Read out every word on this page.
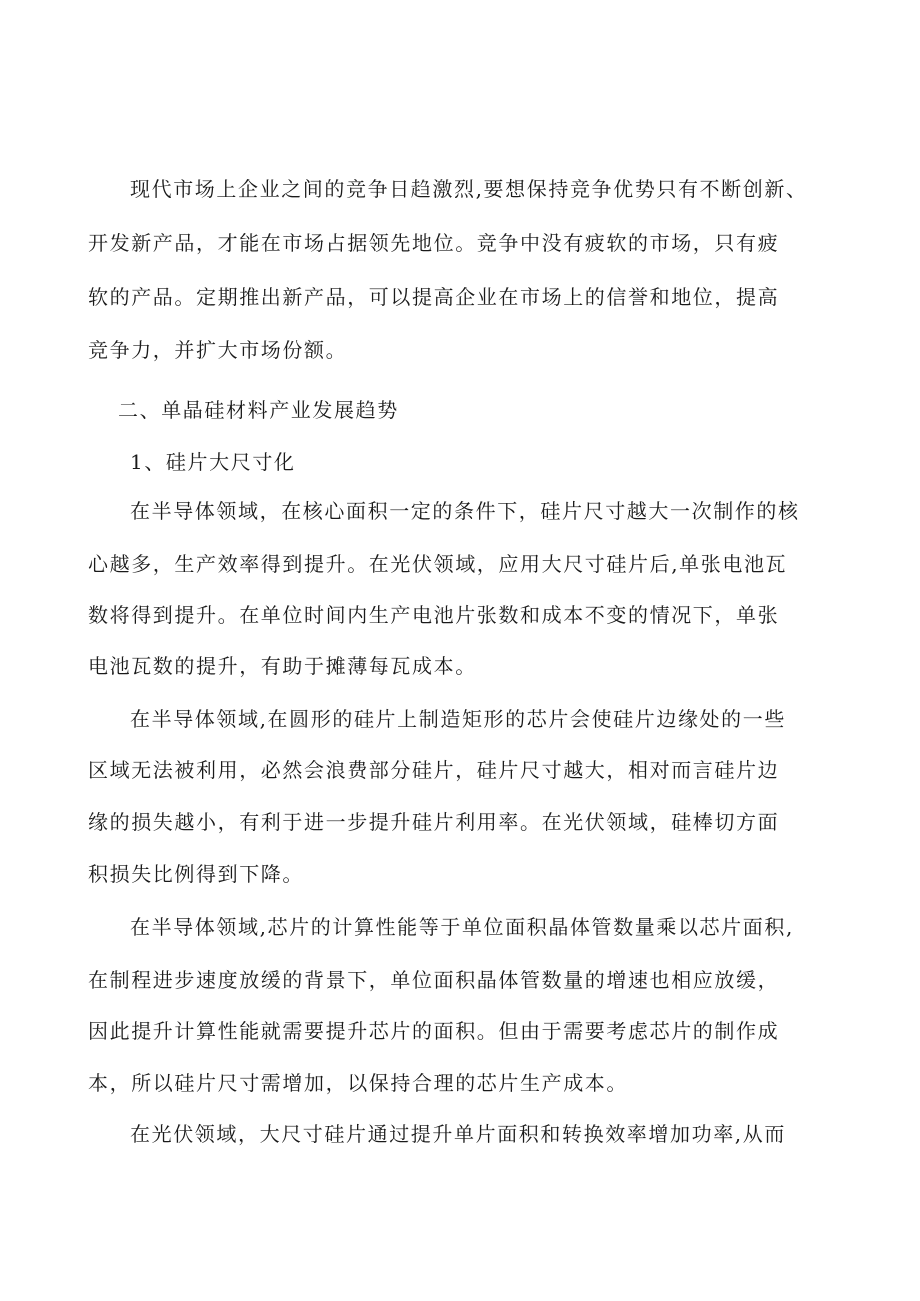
现代市场上企业之间的竞争日趋激烈,要想保持竞争优势只有不断创新、
开发新产品，才能在市场占据领先地位。竞争中没有疲软的市场，只有疲
软的产品。定期推出新产品，可以提高企业在市场上的信誉和地位，提高
竞争力，并扩大市场份额。
二、单晶硅材料产业发展趋势
1、硅片大尺寸化
在半导体领域，在核心面积一定的条件下，硅片尺寸越大一次制作的核
心越多，生产效率得到提升。在光伏领域，应用大尺寸硅片后,单张电池瓦
数将得到提升。在单位时间内生产电池片张数和成本不变的情况下，单张
电池瓦数的提升，有助于摊薄每瓦成本。
在半导体领域,在圆形的硅片上制造矩形的芯片会使硅片边缘处的一些
区域无法被利用，必然会浪费部分硅片，硅片尺寸越大，相对而言硅片边
缘的损失越小，有利于进一步提升硅片利用率。在光伏领域，硅棒切方面
积损失比例得到下降。
在半导体领域,芯片的计算性能等于单位面积晶体管数量乘以芯片面积,
在制程进步速度放缓的背景下，单位面积晶体管数量的增速也相应放缓，
因此提升计算性能就需要提升芯片的面积。但由于需要考虑芯片的制作成
本，所以硅片尺寸需增加，以保持合理的芯片生产成本。
在光伏领域，大尺寸硅片通过提升单片面积和转换效率增加功率,从而
